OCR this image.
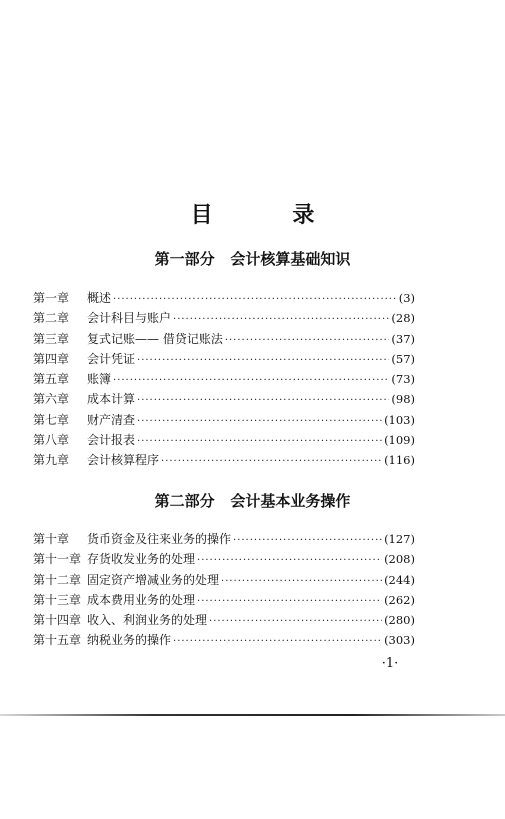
目 录
第一部分   会计核算基础知识
第一章	概述 ·····	(3)
第二章	会计科目与账户 ·····	(28)
第三章	复式记账—— 借贷记账法 ·····	(37)
第四章	会计凭证 ·····	(57)
第五章	账簿 ·····	(73)
第六章	成本计算 ·····	(98)
第七章	财产清查 ·····	(103)
第八章	会计报表 ·····	(109)
第九章	会计核算程序 ·····	(116)
第二部分   会计基本业务操作
第十章	货币资金及往来业务的操作 ·····	(127)
第十一章 存货收发业务的处理 ·····	(208)
第十二章 固定资产增减业务的处理 ·····	(244)
第十三章 成本费用业务的处理 ·····	(262)
第十四章 收入、利润业务的处理 ·····	(280)
第十五章 纳税业务的操作 ·····	(303)
·1·
